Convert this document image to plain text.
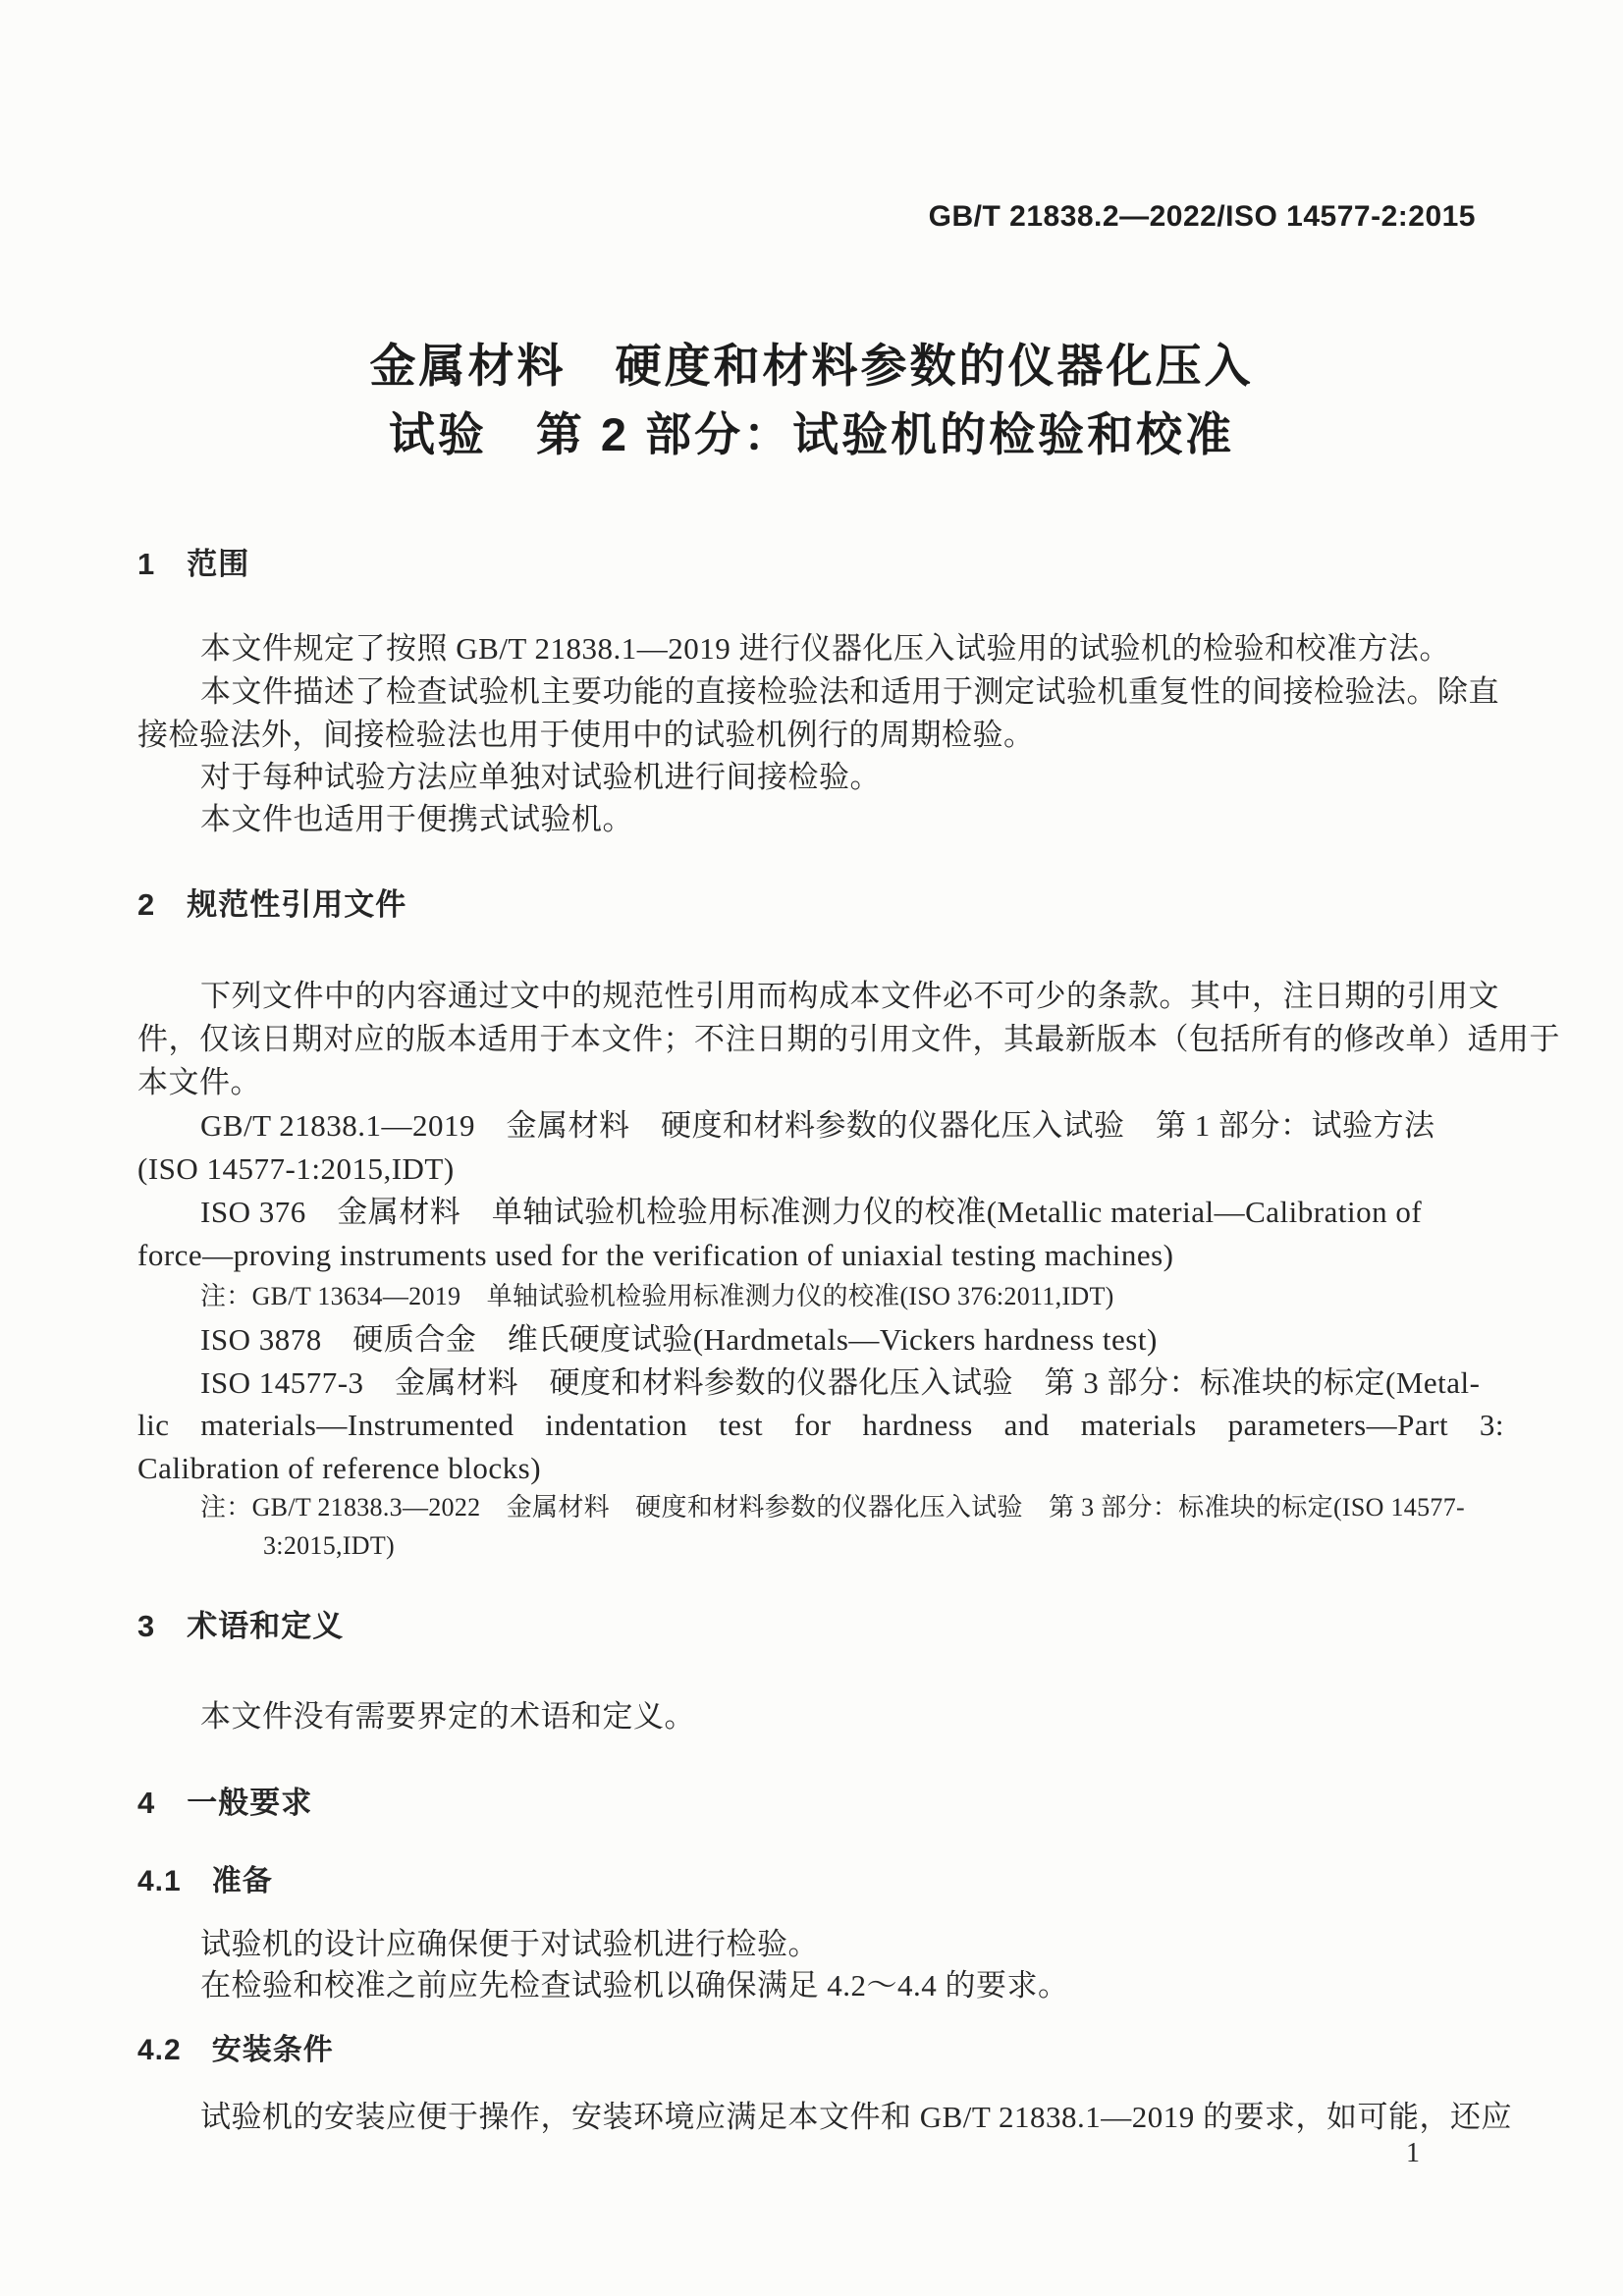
GB/T 21838.2—2022/ISO 14577-2:2015
金属材料　硬度和材料参数的仪器化压入
试验　第 2 部分：试验机的检验和校准
1　范围
本文件规定了按照 GB/T 21838.1—2019 进行仪器化压入试验用的试验机的检验和校准方法。
本文件描述了检查试验机主要功能的直接检验法和适用于测定试验机重复性的间接检验法。除直
接检验法外，间接检验法也用于使用中的试验机例行的周期检验。
对于每种试验方法应单独对试验机进行间接检验。
本文件也适用于便携式试验机。
2　规范性引用文件
下列文件中的内容通过文中的规范性引用而构成本文件必不可少的条款。其中，注日期的引用文
件，仅该日期对应的版本适用于本文件；不注日期的引用文件，其最新版本（包括所有的修改单）适用于
本文件。
GB/T 21838.1—2019　金属材料　硬度和材料参数的仪器化压入试验　第 1 部分：试验方法
(ISO 14577-1:2015,IDT)
ISO 376　金属材料　单轴试验机检验用标准测力仪的校准(Metallic material—Calibration of
force—proving instruments used for the verification of uniaxial testing machines)
注：GB/T 13634—2019　单轴试验机检验用标准测力仪的校准(ISO 376:2011,IDT)
ISO 3878　硬质合金　维氏硬度试验(Hardmetals—Vickers hardness test)
ISO 14577-3　金属材料　硬度和材料参数的仪器化压入试验　第 3 部分：标准块的标定(Metal-
lic materials—Instrumented indentation test for hardness and materials parameters—Part 3:
Calibration of reference blocks)
注：GB/T 21838.3—2022　金属材料　硬度和材料参数的仪器化压入试验　第 3 部分：标准块的标定(ISO 14577-
3:2015,IDT)
3　术语和定义
本文件没有需要界定的术语和定义。
4　一般要求
4.1　准备
试验机的设计应确保便于对试验机进行检验。
在检验和校准之前应先检查试验机以确保满足 4.2～4.4 的要求。
4.2　安装条件
试验机的安装应便于操作，安装环境应满足本文件和 GB/T 21838.1—2019 的要求，如可能，还应
1
